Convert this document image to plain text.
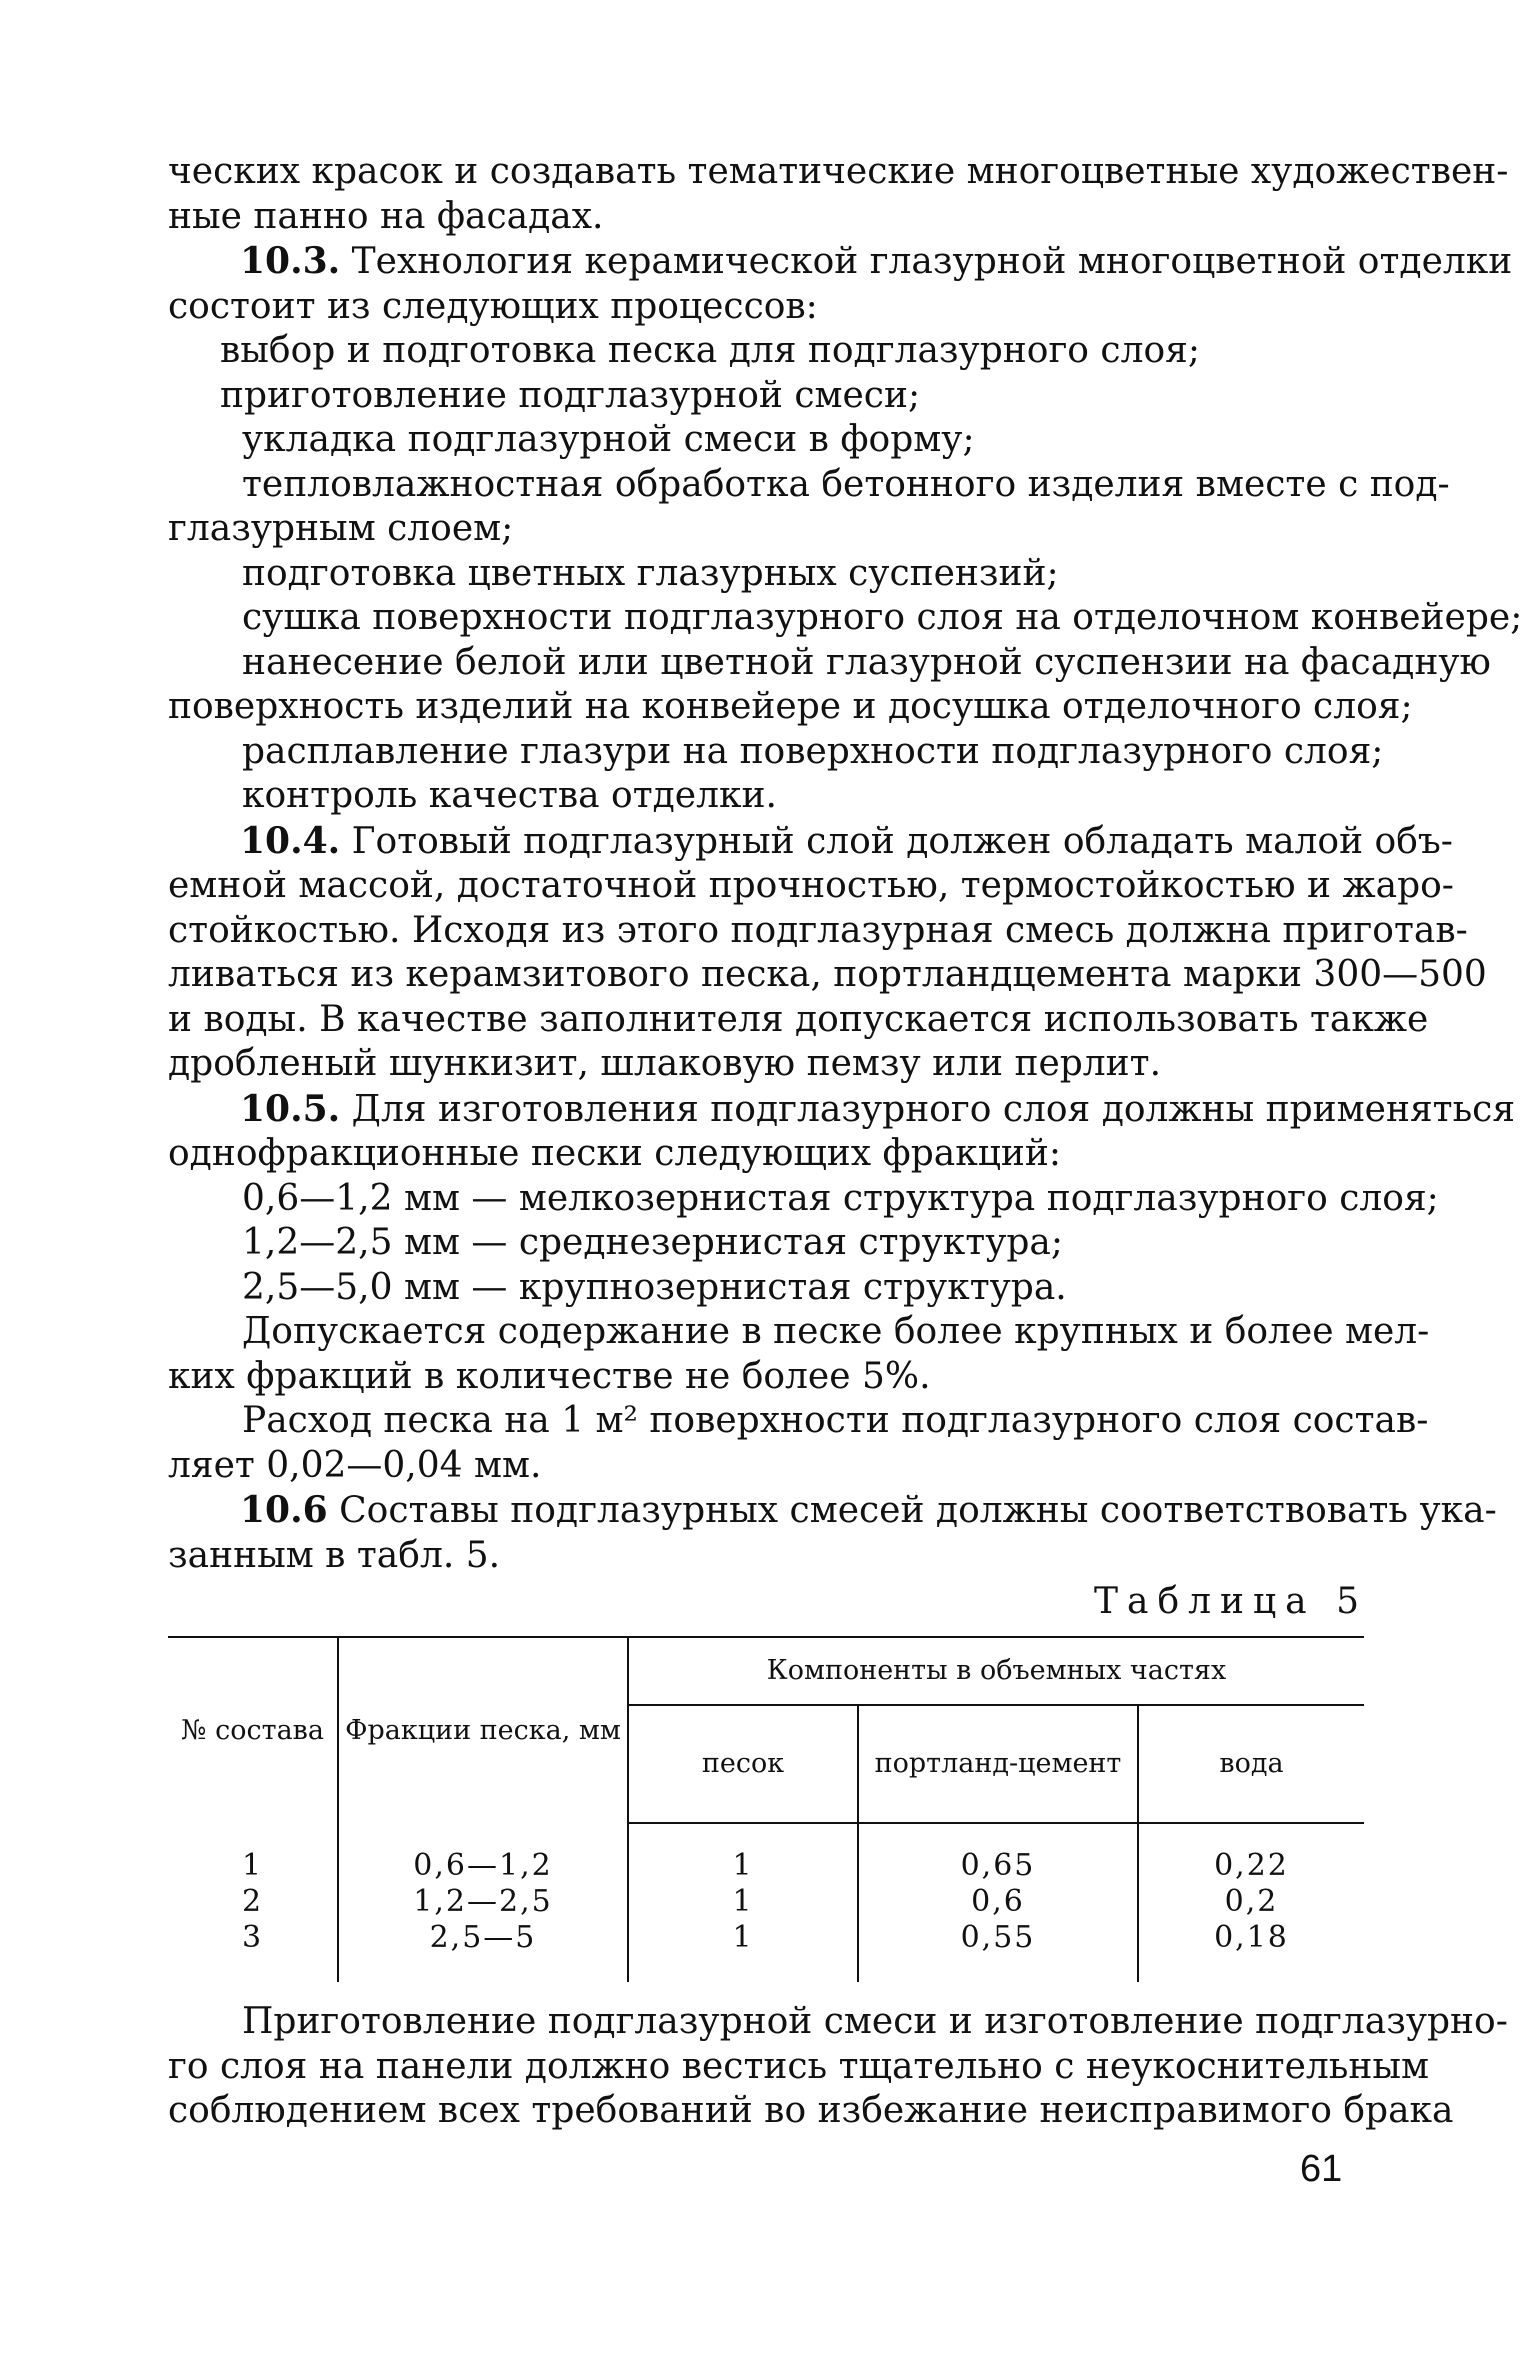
ческих красок и создавать тематические многоцветные художествен-
ные панно на фасадах.
10.3. Технология керамической глазурной многоцветной отделки
состоит из следующих процессов:
выбор и подготовка песка для подглазурного слоя;
приготовление подглазурной смеси;
укладка подглазурной смеси в форму;
тепловлажностная обработка бетонного изделия вместе с под-
глазурным слоем;
подготовка цветных глазурных суспензий;
сушка поверхности подглазурного слоя на отделочном конвейере;
нанесение белой или цветной глазурной суспензии на фасадную
поверхность изделий на конвейере и досушка отделочного слоя;
расплавление глазури на поверхности подглазурного слоя;
контроль качества отделки.
10.4. Готовый подглазурный слой должен обладать малой объ-
емной массой, достаточной прочностью, термостойкостью и жаро-
стойкостью. Исходя из этого подглазурная смесь должна приготав-
ливаться из керамзитового песка, портландцемента марки 300—500
и воды. В качестве заполнителя допускается использовать также
дробленый шункизит, шлаковую пемзу или перлит.
10.5. Для изготовления подглазурного слоя должны применяться
однофракционные пески следующих фракций:
0,6—1,2 мм — мелкозернистая структура подглазурного слоя;
1,2—2,5 мм — среднезернистая структура;
2,5—5,0 мм — крупнозернистая структура.
Допускается содержание в песке более крупных и более мел-
ких фракций в количестве не более 5%.
Расход песка на 1 м² поверхности подглазурного слоя состав-
ляет 0,02—0,04 мм.
10.6 Составы подглазурных смесей должны соответствовать ука-
занным в табл. 5.
Таблица 5
№ состава	Фракции песка, мм	Компоненты в объемных частях		
		песок	портланд-цемент	вода
1	0,6—1,2	1	0,65	0,22
2	1,2—2,5	1	0,6	0,2
3	2,5—5	1	0,55	0,18
Приготовление подглазурной смеси и изготовление подглазурно-
го слоя на панели должно вестись тщательно с неукоснительным
соблюдением всех требований во избежание неисправимого брака
61
